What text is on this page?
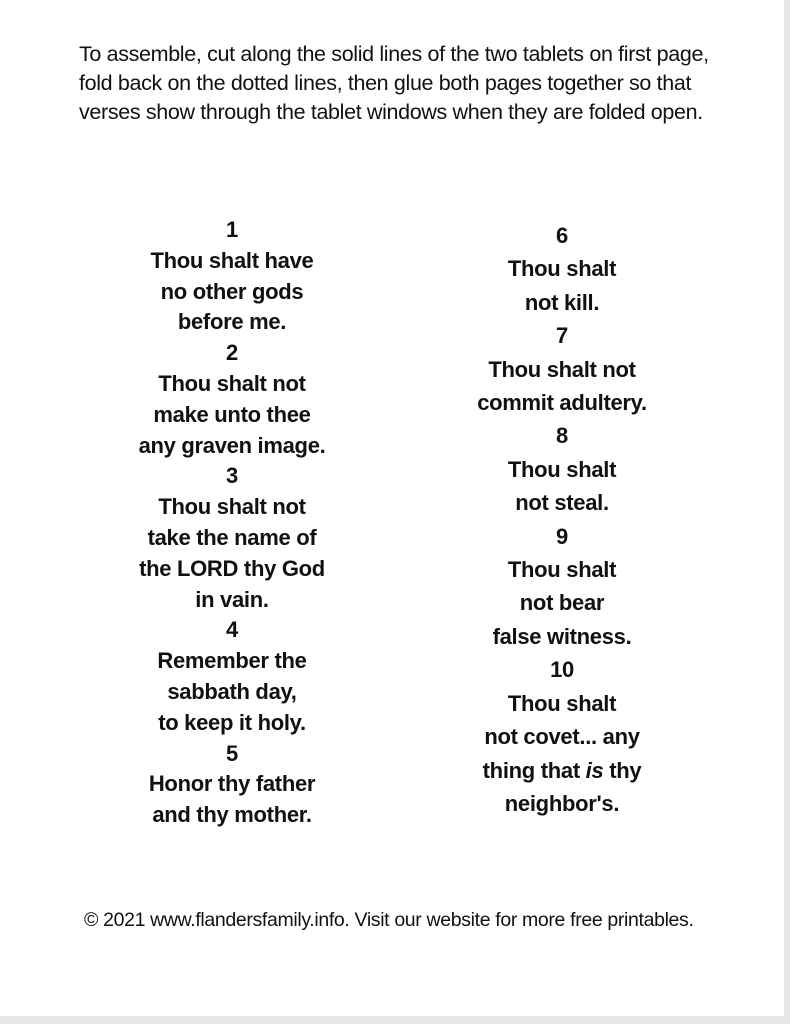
To assemble, cut along the solid lines of the two tablets on first page,
fold back on the dotted lines, then glue both pages together so that
verses show through the tablet windows when they are folded open.

1
Thou shalt have
no other gods
before me.
2
Thou shalt not
make unto thee
any graven image.
3
Thou shalt not
take the name of
the LORD thy God
in vain.
4
Remember the
sabbath day,
to keep it holy.
5
Honor thy father
and thy mother.
6
Thou shalt
not kill.
7
Thou shalt not
commit adultery.
8
Thou shalt
not steal.
9
Thou shalt
not bear
false witness.
10
Thou shalt
not covet... any
thing that is thy
neighbor's.

© 2021 www.flandersfamily.info. Visit our website for more free printables.
